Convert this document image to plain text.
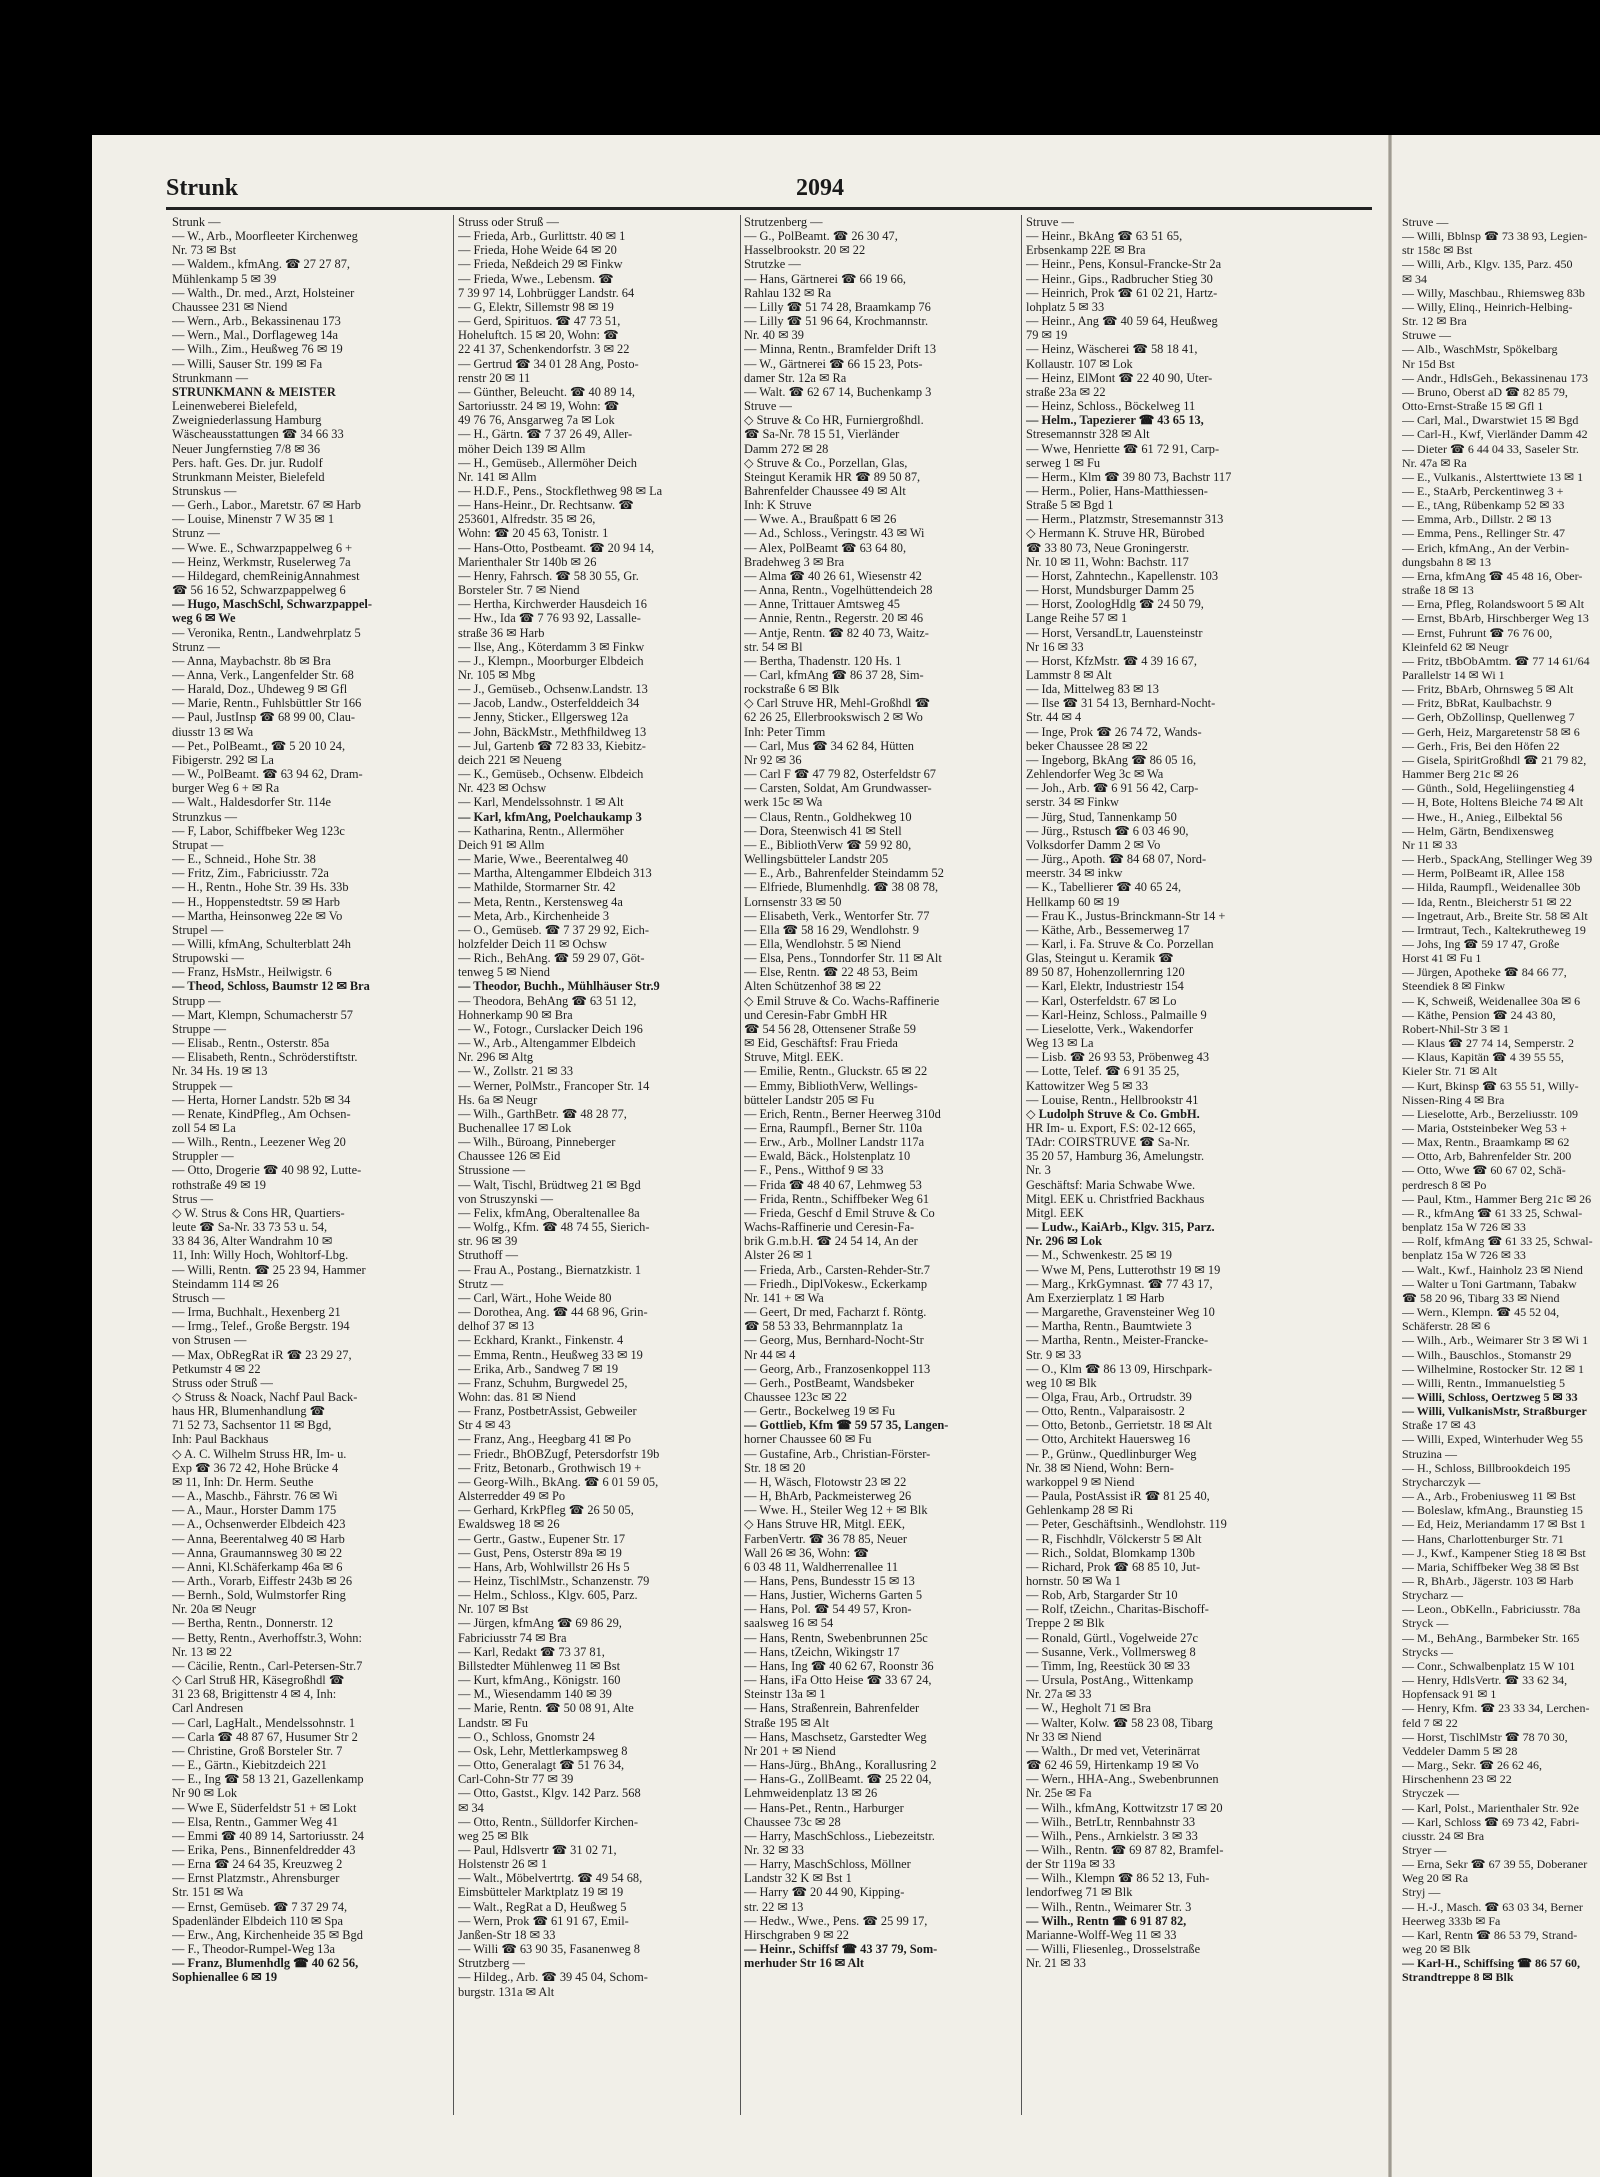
Strunk	2094
Strunk —
— W., Arb., Moorfleeter Kirchenweg
Nr. 73 ✉ Bst
— Waldem., kfmAng. ☎ 27 27 87,
Mühlenkamp 5 ✉ 39
— Walth., Dr. med., Arzt, Holsteiner
Chaussee 231 ✉ Niend
— Wern., Arb., Bekassinenau 173
— Wern., Mal., Dorflageweg 14a
— Wilh., Zim., Heußweg 76 ✉ 19
— Willi, Sauser Str. 199 ✉ Fa
Strunkmann —
STRUNKMANN & MEISTER
Leinenweberei Bielefeld,
Zweigniederlassung Hamburg
Wäscheausstattungen ☎ 34 66 33
Neuer Jungfernstieg 7/8 ✉ 36
Pers. haft. Ges. Dr. jur. Rudolf
Strunkmann Meister, Bielefeld
Strunskus —
— Gerh., Labor., Maretstr. 67 ✉ Harb
— Louise, Minenstr 7 W 35 ✉ 1
Strunz —
— Wwe. E., Schwarzpappelweg 6 +
— Heinz, Werkmstr, Ruselerweg 7a
— Hildegard, chemReinigAnnahmest
☎ 56 16 52, Schwarzpappelweg 6
— Hugo, MaschSchl, Schwarzpappel-
weg 6 ✉ We
— Veronika, Rentn., Landwehrplatz 5
Strunz —
— Anna, Maybachstr. 8b ✉ Bra
— Anna, Verk., Langenfelder Str. 68
— Harald, Doz., Uhdeweg 9 ✉ Gfl
— Marie, Rentn., Fuhlsbüttler Str 166
— Paul, JustInsp ☎ 68 99 00, Clau-
diusstr 13 ✉ Wa
— Pet., PolBeamt., ☎ 5 20 10 24,
Fibigerstr. 292 ✉ La
— W., PolBeamt. ☎ 63 94 62, Dram-
burger Weg 6 + ✉ Ra
— Walt., Haldesdorfer Str. 114e
Strunzkus —
— F, Labor, Schiffbeker Weg 123c
Strupat —
— E., Schneid., Hohe Str. 38
— Fritz, Zim., Fabriciusstr. 72a
— H., Rentn., Hohe Str. 39 Hs. 33b
— H., Hoppenstedtstr. 59 ✉ Harb
— Martha, Heinsonweg 22e ✉ Vo
Strupel —
— Willi, kfmAng, Schulterblatt 24h
Strupowski —
— Franz, HsMstr., Heilwigstr. 6
— Theod, Schloss, Baumstr 12 ✉ Bra
Strupp —
— Mart, Klempn, Schumacherstr 57
Struppe —
— Elisab., Rentn., Osterstr. 85a
— Elisabeth, Rentn., Schröderstiftstr.
Nr. 34 Hs. 19 ✉ 13
Struppek —
— Herta, Horner Landstr. 52b ✉ 34
— Renate, KindPfleg., Am Ochsen-
zoll 54 ✉ La
— Wilh., Rentn., Leezener Weg 20
Struppler —
— Otto, Drogerie ☎ 40 98 92, Lutte-
rothstraße 49 ✉ 19
Strus —
◇ W. Strus & Cons HR, Quartiers-
leute ☎ Sa-Nr. 33 73 53 u. 54,
33 84 36, Alter Wandrahm 10 ✉
11, Inh: Willy Hoch, Wohltorf-Lbg.
— Willi, Rentn. ☎ 25 23 94, Hammer
Steindamm 114 ✉ 26
Strusch —
— Irma, Buchhalt., Hexenberg 21
— Irmg., Telef., Große Bergstr. 194
von Strusen —
— Max, ObRegRat iR ☎ 23 29 27,
Petkumstr 4 ✉ 22
Struss oder Struß —
◇ Struss & Noack, Nachf Paul Back-
haus HR, Blumenhandlung ☎
71 52 73, Sachsentor 11 ✉ Bgd,
Inh: Paul Backhaus
◇ A. C. Wilhelm Struss HR, Im- u.
Exp ☎ 36 72 42, Hohe Brücke 4
✉ 11, Inh: Dr. Herm. Seuthe
— A., Maschb., Fährstr. 76 ✉ Wi
— A., Maur., Horster Damm 175
— A., Ochsenwerder Elbdeich 423
— Anna, Beerentalweg 40 ✉ Harb
— Anna, Graumannsweg 30 ✉ 22
— Anni, Kl.Schäferkamp 46a ✉ 6
— Arth., Vorarb, Eiffestr 243b ✉ 26
— Bernh., Sold, Wulmstorfer Ring
Nr. 20a ✉ Neugr
— Bertha, Rentn., Donnerstr. 12
— Betty, Rentn., Averhoffstr.3, Wohn:
Nr. 13 ✉ 22
— Cäcilie, Rentn., Carl-Petersen-Str.7
◇ Carl Struß HR, Käsegroßhdl ☎
31 23 68, Brigittenstr 4 ✉ 4, Inh:
Carl Andresen
— Carl, LagHalt., Mendelssohnstr. 1
— Carla ☎ 48 87 67, Husumer Str 2
— Christine, Groß Borsteler Str. 7
— E., Gärtn., Kiebitzdeich 221
— E., Ing ☎ 58 13 21, Gazellenkamp
Nr 90 ✉ Lok
— Wwe E, Süderfeldstr 51 + ✉ Lokt
— Elsa, Rentn., Gammer Weg 41
— Emmi ☎ 40 89 14, Sartoriusstr. 24
— Erika, Pens., Binnenfeldredder 43
— Erna ☎ 24 64 35, Kreuzweg 2
— Ernst Platzmstr., Ahrensburger
Str. 151 ✉ Wa
— Ernst, Gemüseb. ☎ 7 37 29 74,
Spadenländer Elbdeich 110 ✉ Spa
— Erw., Ang, Kirchenheide 35 ✉ Bgd
— F., Theodor-Rumpel-Weg 13a
— Franz, Blumenhdlg ☎ 40 62 56,
Sophienallee 6 ✉ 19
Struss oder Struß —
— Frieda, Arb., Gurlittstr. 40 ✉ 1
— Frieda, Hohe Weide 64 ✉ 20
— Frieda, Neßdeich 29 ✉ Finkw
— Frieda, Wwe., Lebensm. ☎
7 39 97 14, Lohbrügger Landstr. 64
— G, Elektr, Sillemstr 98 ✉ 19
— Gerd, Spirituos. ☎ 47 73 51,
Hoheluftch. 15 ✉ 20, Wohn: ☎
22 41 37, Schenkendorfstr. 3 ✉ 22
— Gertrud ☎ 34 01 28 Ang, Posto-
renstr 20 ✉ 11
— Günther, Beleucht. ☎ 40 89 14,
Sartoriusstr. 24 ✉ 19, Wohn: ☎
49 76 76, Ansgarweg 7a ✉ Lok
— H., Gärtn. ☎ 7 37 26 49, Aller-
möher Deich 139 ✉ Allm
— H., Gemüseb., Allermöher Deich
Nr. 141 ✉ Allm
— H.D.F., Pens., Stockflethweg 98 ✉ La
— Hans-Heinr., Dr. Rechtsanw. ☎
253601, Alfredstr. 35 ✉ 26,
Wohn: ☎ 20 45 63, Tonistr. 1
— Hans-Otto, Postbeamt. ☎ 20 94 14,
Marienthaler Str 140b ✉ 26
— Henry, Fahrsch. ☎ 58 30 55, Gr.
Borsteler Str. 7 ✉ Niend
— Hertha, Kirchwerder Hausdeich 16
— Hw., Ida ☎ 7 76 93 92, Lassalle-
straße 36 ✉ Harb
— Ilse, Ang., Köterdamm 3 ✉ Finkw
— J., Klempn., Moorburger Elbdeich
Nr. 105 ✉ Mbg
— J., Gemüseb., Ochsenw.Landstr. 13
— Jacob, Landw., Osterfelddeich 34
— Jenny, Sticker., Ellgersweg 12a
— John, BäckMstr., Methfhildweg 13
— Jul, Gartenb ☎ 72 83 33, Kiebitz-
deich 221 ✉ Neueng
— K., Gemüseb., Ochsenw. Elbdeich
Nr. 423 ✉ Ochsw
— Karl, Mendelssohnstr. 1 ✉ Alt
— Karl, kfmAng, Poelchaukamp 3
— Katharina, Rentn., Allermöher
Deich 91 ✉ Allm
— Marie, Wwe., Beerentalweg 40
— Martha, Altengammer Elbdeich 313
— Mathilde, Stormarner Str. 42
— Meta, Rentn., Kerstensweg 4a
— Meta, Arb., Kirchenheide 3
— O., Gemüseb. ☎ 7 37 29 92, Eich-
holzfelder Deich 11 ✉ Ochsw
— Rich., BehAng. ☎ 59 29 07, Göt-
tenweg 5 ✉ Niend
— Theodor, Buchh., Mühlhäuser Str.9
— Theodora, BehAng ☎ 63 51 12,
Hohnerkamp 90 ✉ Bra
— W., Fotogr., Curslacker Deich 196
— W., Arb., Altengammer Elbdeich
Nr. 296 ✉ Altg
— W., Zollstr. 21 ✉ 33
— Werner, PolMstr., Francoper Str. 14
Hs. 6a ✉ Neugr
— Wilh., GarthBetr. ☎ 48 28 77,
Buchenallee 17 ✉ Lok
— Wilh., Büroang, Pinneberger
Chaussee 126 ✉ Eid
Strussione —
— Walt, Tischl, Brüdtweg 21 ✉ Bgd
von Struszynski —
— Felix, kfmAng, Oberaltenallee 8a
— Wolfg., Kfm. ☎ 48 74 55, Sierich-
str. 96 ✉ 39
Struthoff —
— Frau A., Postang., Biernatzkistr. 1
Strutz —
— Carl, Wärt., Hohe Weide 80
— Dorothea, Ang. ☎ 44 68 96, Grin-
delhof 37 ✉ 13
— Eckhard, Krankt., Finkenstr. 4
— Emma, Rentn., Heußweg 33 ✉ 19
— Erika, Arb., Sandweg 7 ✉ 19
— Franz, Schuhm, Burgwedel 25,
Wohn: das. 81 ✉ Niend
— Franz, PostbetrAssist, Gebweiler
Str 4 ✉ 43
— Franz, Ang., Heegbarg 41 ✉ Po
— Friedr., BhOBZugf, Petersdorfstr 19b
— Fritz, Betonarb., Grothwisch 19 +
— Georg-Wilh., BkAng. ☎ 6 01 59 05,
Alsterredder 49 ✉ Po
— Gerhard, KrkPfleg ☎ 26 50 05,
Ewaldsweg 18 ✉ 26
— Gertr., Gastw., Eupener Str. 17
— Gust, Pens, Osterstr 89a ✉ 19
— Hans, Arb, Wohlwillstr 26 Hs 5
— Heinz, TischlMstr., Schanzenstr. 79
— Helm., Schloss., Klgv. 605, Parz.
Nr. 107 ✉ Bst
— Jürgen, kfmAng ☎ 69 86 29,
Fabriciusstr 74 ✉ Bra
— Karl, Redakt ☎ 73 37 81,
Billstedter Mühlenweg 11 ✉ Bst
— Kurt, kfmAng., Königstr. 160
— M., Wiesendamm 140 ✉ 39
— Marie, Rentn. ☎ 50 08 91, Alte
Landstr. ✉ Fu
— O., Schloss, Gnomstr 24
— Osk, Lehr, Mettlerkampsweg 8
— Otto, Generalagt ☎ 51 76 34,
Carl-Cohn-Str 77 ✉ 39
— Otto, Gastst., Klgv. 142 Parz. 568
✉ 34
— Otto, Rentn., Sülldorfer Kirchen-
weg 25 ✉ Blk
— Paul, Hdlsvertr ☎ 31 02 71,
Holstenstr 26 ✉ 1
— Walt., Möbelvertrtg. ☎ 49 54 68,
Eimsbütteler Marktplatz 19 ✉ 19
— Walt., RegRat a D, Heußweg 5
— Wern, Prok ☎ 61 91 67, Emil-
Janßen-Str 18 ✉ 33
— Willi ☎ 63 90 35, Fasanenweg 8
Strutzberg —
— Hildeg., Arb. ☎ 39 45 04, Schom-
burgstr. 131a ✉ Alt
Strutzenberg —
— G., PolBeamt. ☎ 26 30 47,
Hasselbrookstr. 20 ✉ 22
Strutzke —
— Hans, Gärtnerei ☎ 66 19 66,
Rahlau 132 ✉ Ra
— Lilly ☎ 51 74 28, Braamkamp 76
— Lilly ☎ 51 96 64, Krochmannstr.
Nr. 40 ✉ 39
— Minna, Rentn., Bramfelder Drift 13
— W., Gärtnerei ☎ 66 15 23, Pots-
damer Str. 12a ✉ Ra
— Walt. ☎ 62 67 14, Buchenkamp 3
Struve —
◇ Struve & Co HR, Furniergroßhdl.
☎ Sa-Nr. 78 15 51, Vierländer
Damm 272 ✉ 28
◇ Struve & Co., Porzellan, Glas,
Steingut Keramik HR ☎ 89 50 87,
Bahrenfelder Chaussee 49 ✉ Alt
Inh: K Struve
— Wwe. A., Braußpatt 6 ✉ 26
— Ad., Schloss., Veringstr. 43 ✉ Wi
— Alex, PolBeamt ☎ 63 64 80,
Bradehweg 3 ✉ Bra
— Alma ☎ 40 26 61, Wiesenstr 42
— Anna, Rentn., Vogelhüttendeich 28
— Anne, Trittauer Amtsweg 45
— Annie, Rentn., Regerstr. 20 ✉ 46
— Antje, Rentn. ☎ 82 40 73, Waitz-
str. 54 ✉ Bl
— Bertha, Thadenstr. 120 Hs. 1
— Carl, kfmAng ☎ 86 37 28, Sim-
rockstraße 6 ✉ Blk
◇ Carl Struve HR, Mehl-Großhdl ☎
62 26 25, Ellerbrookswisch 2 ✉ Wo
Inh: Peter Timm
— Carl, Mus ☎ 34 62 84, Hütten
Nr 92 ✉ 36
— Carl F ☎ 47 79 82, Osterfeldstr 67
— Carsten, Soldat, Am Grundwasser-
werk 15c ✉ Wa
— Claus, Rentn., Goldhekweg 10
— Dora, Steenwisch 41 ✉ Stell
— E., BibliothVerw ☎ 59 92 80,
Wellingsbütteler Landstr 205
— E., Arb., Bahrenfelder Steindamm 52
— Elfriede, Blumenhdlg. ☎ 38 08 78,
Lornsenstr 33 ✉ 50
— Elisabeth, Verk., Wentorfer Str. 77
— Ella ☎ 58 16 29, Wendlohstr. 9
— Ella, Wendlohstr. 5 ✉ Niend
— Elsa, Pens., Tonndorfer Str. 11 ✉ Alt
— Else, Rentn. ☎ 22 48 53, Beim
Alten Schützenhof 38 ✉ 22
◇ Emil Struve & Co. Wachs-Raffinerie
und Ceresin-Fabr GmbH HR
☎ 54 56 28, Ottensener Straße 59
✉ Eid, Geschäftsf: Frau Frieda
Struve, Mitgl. EEK.
— Emilie, Rentn., Gluckstr. 65 ✉ 22
— Emmy, BibliothVerw, Wellings-
bütteler Landstr 205 ✉ Fu
— Erich, Rentn., Berner Heerweg 310d
— Erna, Raumpfl., Berner Str. 110a
— Erw., Arb., Mollner Landstr 117a
— Ewald, Bäck., Holstenplatz 10
— F., Pens., Witthof 9 ✉ 33
— Frida ☎ 48 40 67, Lehmweg 53
— Frida, Rentn., Schiffbeker Weg 61
— Frieda, Geschf d Emil Struve & Co
Wachs-Raffinerie und Ceresin-Fa-
brik G.m.b.H. ☎ 24 54 14, An der
Alster 26 ✉ 1
— Frieda, Arb., Carsten-Rehder-Str.7
— Friedh., DiplVokesw., Eckerkamp
Nr. 141 + ✉ Wa
— Geert, Dr med, Facharzt f. Röntg.
☎ 58 53 33, Behrmannplatz 1a
— Georg, Mus, Bernhard-Nocht-Str
Nr 44 ✉ 4
— Georg, Arb., Franzosenkoppel 113
— Gerh., PostBeamt, Wandsbeker
Chaussee 123c ✉ 22
— Gertr., Bockelweg 19 ✉ Fu
— Gottlieb, Kfm ☎ 59 57 35, Langen-
horner Chaussee 60 ✉ Fu
— Gustafine, Arb., Christian-Förster-
Str. 18 ✉ 20
— H, Wäsch, Flotowstr 23 ✉ 22
— H, BhArb, Packmeisterweg 26
— Wwe. H., Steiler Weg 12 + ✉ Blk
◇ Hans Struve HR, Mitgl. EEK,
FarbenVertr. ☎ 36 78 85, Neuer
Wall 26 ✉ 36, Wohn: ☎
6 03 48 11, Waldherrenallee 11
— Hans, Pens, Bundesstr 15 ✉ 13
— Hans, Justier, Wicherns Garten 5
— Hans, Pol. ☎ 54 49 57, Kron-
saalsweg 16 ✉ 54
— Hans, Rentn, Swebenbrunnen 25c
— Hans, tZeichn, Wikingstr 17
— Hans, Ing ☎ 40 62 67, Roonstr 36
— Hans, iFa Otto Heise ☎ 33 67 24,
Steinstr 13a ✉ 1
— Hans, Straßenrein, Bahrenfelder
Straße 195 ✉ Alt
— Hans, Maschsetz, Garstedter Weg
Nr 201 + ✉ Niend
— Hans-Jürg., BhAng., Korallusring 2
— Hans-G., ZollBeamt. ☎ 25 22 04,
Lehmweidenplatz 13 ✉ 26
— Hans-Pet., Rentn., Harburger
Chaussee 73c ✉ 28
— Harry, MaschSchloss., Liebezeitstr.
Nr. 32 ✉ 33
— Harry, MaschSchloss, Möllner
Landstr 32 K ✉ Bst 1
— Harry ☎ 20 44 90, Kipping-
str. 22 ✉ 13
— Hedw., Wwe., Pens. ☎ 25 99 17,
Hirschgraben 9 ✉ 22
— Heinr., Schiffsf ☎ 43 37 79, Som-
merhuder Str 16 ✉ Alt
Struve —
— Heinr., BkAng ☎ 63 51 65,
Erbsenkamp 22E ✉ Bra
— Heinr., Pens, Konsul-Francke-Str 2a
— Heinr., Gips., Radbrucher Stieg 30
— Heinrich, Prok ☎ 61 02 21, Hartz-
lohplatz 5 ✉ 33
— Heinr., Ang ☎ 40 59 64, Heußweg
79 ✉ 19
— Heinz, Wäscherei ☎ 58 18 41,
Kollaustr. 107 ✉ Lok
— Heinz, ElMont ☎ 22 40 90, Uter-
straße 23a ✉ 22
— Heinz, Schloss., Böckelweg 11
— Helm., Tapezierer ☎ 43 65 13,
Stresemannstr 328 ✉ Alt
— Wwe, Henriette ☎ 61 72 91, Carp-
serweg 1 ✉ Fu
— Herm., Klm ☎ 39 80 73, Bachstr 117
— Herm., Polier, Hans-Matthiessen-
Straße 5 ✉ Bgd 1
— Herm., Platzmstr, Stresemannstr 313
◇ Hermann K. Struve HR, Bürobed
☎ 33 80 73, Neue Groningerstr.
Nr. 10 ✉ 11, Wohn: Bachstr. 117
— Horst, Zahntechn., Kapellenstr. 103
— Horst, Mundsburger Damm 25
— Horst, ZoologHdlg ☎ 24 50 79,
Lange Reihe 57 ✉ 1
— Horst, VersandLtr, Lauensteinstr
Nr 16 ✉ 33
— Horst, KfzMstr. ☎ 4 39 16 67,
Lammstr 8 ✉ Alt
— Ida, Mittelweg 83 ✉ 13
— Ilse ☎ 31 54 13, Bernhard-Nocht-
Str. 44 ✉ 4
— Inge, Prok ☎ 26 74 72, Wands-
beker Chaussee 28 ✉ 22
— Ingeborg, BkAng ☎ 86 05 16,
Zehlendorfer Weg 3c ✉ Wa
— Joh., Arb. ☎ 6 91 56 42, Carp-
serstr. 34 ✉ Finkw
— Jürg, Stud, Tannenkamp 50
— Jürg., Rstusch ☎ 6 03 46 90,
Volksdorfer Damm 2 ✉ Vo
— Jürg., Apoth. ☎ 84 68 07, Nord-
meerstr. 34 ✉ inkw
— K., Tabellierer ☎ 40 65 24,
Hellkamp 60 ✉ 19
— Frau K., Justus-Brinckmann-Str 14 +
— Käthe, Arb., Bessemerweg 17
— Karl, i. Fa. Struve & Co. Porzellan
Glas, Steingut u. Keramik ☎
89 50 87, Hohenzollernring 120
— Karl, Elektr, Industriestr 154
— Karl, Osterfeldstr. 67 ✉ Lo
— Karl-Heinz, Schloss., Palmaille 9
— Lieselotte, Verk., Wakendorfer
Weg 13 ✉ La
— Lisb. ☎ 26 93 53, Pröbenweg 43
— Lotte, Telef. ☎ 6 91 35 25,
Kattowitzer Weg 5 ✉ 33
— Louise, Rentn., Hellbrookstr 41
◇ Ludolph Struve & Co. GmbH.
HR Im- u. Export, F.S: 02-12 665,
TAdr: COIRSTRUVE ☎ Sa-Nr.
35 20 57, Hamburg 36, Amelungstr.
Nr. 3
Geschäftsf: Maria Schwabe Wwe.
Mitgl. EEK u. Christfried Backhaus
Mitgl. EEK
— Ludw., KaiArb., Klgv. 315, Parz.
Nr. 296 ✉ Lok
— M., Schwenkestr. 25 ✉ 19
— Wwe M, Pens, Lutterothstr 19 ✉ 19
— Marg., KrkGymnast. ☎ 77 43 17,
Am Exerzierplatz 1 ✉ Harb
— Margarethe, Gravensteiner Weg 10
— Martha, Rentn., Baumtwiete 3
— Martha, Rentn., Meister-Francke-
Str. 9 ✉ 33
— O., Klm ☎ 86 13 09, Hirschpark-
weg 10 ✉ Blk
— Olga, Frau, Arb., Ortrudstr. 39
— Otto, Rentn., Valparaisostr. 2
— Otto, Betonb., Gerrietstr. 18 ✉ Alt
— Otto, Architekt Hauersweg 16
— P., Grünw., Quedlinburger Weg
Nr. 38 ✉ Niend, Wohn: Bern-
warkoppel 9 ✉ Niend
— Paula, PostAssist iR ☎ 81 25 40,
Gehlenkamp 28 ✉ Ri
— Peter, Geschäftsinh., Wendlohstr. 119
— R, Fischhdlr, Völckerstr 5 ✉ Alt
— Rich., Soldat, Blomkamp 130b
— Richard, Prok ☎ 68 85 10, Jut-
hornstr. 50 ✉ Wa 1
— Rob, Arb, Stargarder Str 10
— Rolf, tZeichn., Charitas-Bischoff-
Treppe 2 ✉ Blk
— Ronald, Gürtl., Vogelweide 27c
— Susanne, Verk., Vollmersweg 8
— Timm, Ing, Reestück 30 ✉ 33
— Ursula, PostAng., Wittenkamp
Nr. 27a ✉ 33
— W., Hegholt 71 ✉ Bra
— Walter, Kolw. ☎ 58 23 08, Tibarg
Nr 33 ✉ Niend
— Walth., Dr med vet, Veterinärrat
☎ 62 46 59, Hirtenkamp 19 ✉ Vo
— Wern., HHA-Ang., Swebenbrunnen
Nr. 25e ✉ Fa
— Wilh., kfmAng, Kottwitzstr 17 ✉ 20
— Wilh., BetrLtr, Rennbahnstr 33
— Wilh., Pens., Arnkielstr. 3 ✉ 33
— Wilh., Rentn. ☎ 69 87 82, Bramfel-
der Str 119a ✉ 33
— Wilh., Klempn ☎ 86 52 13, Fuh-
lendorfweg 71 ✉ Blk
— Wilh., Rentn., Weimarer Str. 3
— Wilh., Rentn ☎ 6 91 87 82,
Marianne-Wolff-Weg 11 ✉ 33
— Willi, Fliesenleg., Drosselstraße
Nr. 21 ✉ 33
Struve —
— Willi, Bblnsp ☎ 73 38 93, Legien-
str 158c ✉ Bst
— Willi, Arb., Klgv. 135, Parz. 450
✉ 34
— Willy, Maschbau., Rhiemsweg 83b
— Willy, Elinq., Heinrich-Helbing-
Str. 12 ✉ Bra
Struwe —
— Alb., WaschMstr, Spökelbarg
Nr 15d Bst
— Andr., HdlsGeh., Bekassinenau 173
— Bruno, Oberst aD ☎ 82 85 79,
Otto-Ernst-Straße 15 ✉ Gfl 1
— Carl, Mal., Dwarstwiet 15 ✉ Bgd
— Carl-H., Kwf, Vierländer Damm 42
— Dieter ☎ 6 44 04 33, Saseler Str.
Nr. 47a ✉ Ra
— E., Vulkanis., Alsterttwiete 13 ✉ 1
— E., StaArb, Perckentinweg 3 +
— E., tAng, Rübenkamp 52 ✉ 33
— Emma, Arb., Dillstr. 2 ✉ 13
— Emma, Pens., Rellinger Str. 47
— Erich, kfmAng., An der Verbin-
dungsbahn 8 ✉ 13
— Erna, kfmAng ☎ 45 48 16, Ober-
straße 18 ✉ 13
— Erna, Pfleg, Rolandswoort 5 ✉ Alt
— Ernst, BbArb, Hirschberger Weg 13
— Ernst, Fuhrunt ☎ 76 76 00,
Kleinfeld 62 ✉ Neugr
— Fritz, tBbObAmtm. ☎ 77 14 61/64
Parallelstr 14 ✉ Wi 1
— Fritz, BbArb, Ohrnsweg 5 ✉ Alt
— Fritz, BbRat, Kaulbachstr. 9
— Gerh, ObZollinsp, Quellenweg 7
— Gerh, Heiz, Margaretenstr 58 ✉ 6
— Gerh., Fris, Bei den Höfen 22
— Gisela, SpiritGroßhdl ☎ 21 79 82,
Hammer Berg 21c ✉ 26
— Günth., Sold, Hegeliingenstieg 4
— H, Bote, Holtens Bleiche 74 ✉ Alt
— Hwe., H., Anieg., Eilbektal 56
— Helm, Gärtn, Bendixensweg
Nr 11 ✉ 33
— Herb., SpackAng, Stellinger Weg 39
— Herm, PolBeamt iR, Allee 158
— Hilda, Raumpfl., Weidenallee 30b
— Ida, Rentn., Bleicherstr 51 ✉ 22
— Ingetraut, Arb., Breite Str. 58 ✉ Alt
— Irmtraut, Tech., Kaltekrutheweg 19
— Johs, Ing ☎ 59 17 47, Große
Horst 41 ✉ Fu 1
— Jürgen, Apotheke ☎ 84 66 77,
Steendiek 8 ✉ Finkw
— K, Schweiß, Weidenallee 30a ✉ 6
— Käthe, Pension ☎ 24 43 80,
Robert-Nhil-Str 3 ✉ 1
— Klaus ☎ 27 74 14, Semperstr. 2
— Klaus, Kapitän ☎ 4 39 55 55,
Kieler Str. 71 ✉ Alt
— Kurt, Bkinsp ☎ 63 55 51, Willy-
Nissen-Ring 4 ✉ Bra
— Lieselotte, Arb., Berzeliusstr. 109
— Maria, Oststeinbeker Weg 53 +
— Max, Rentn., Braamkamp ✉ 62
— Otto, Arb, Bahrenfelder Str. 200
— Otto, Wwe ☎ 60 67 02, Schä-
perdresch 8 ✉ Po
— Paul, Ktm., Hammer Berg 21c ✉ 26
— R., kfmAng ☎ 61 33 25, Schwal-
benplatz 15a W 726 ✉ 33
— Rolf, kfmAng ☎ 61 33 25, Schwal-
benplatz 15a W 726 ✉ 33
— Walt., Kwf., Hainholz 23 ✉ Niend
— Walter u Toni Gartmann, Tabakw
☎ 58 20 96, Tibarg 33 ✉ Niend
— Wern., Klempn. ☎ 45 52 04,
Schäferstr. 28 ✉ 6
— Wilh., Arb., Weimarer Str 3 ✉ Wi 1
— Wilh., Bauschlos., Stomanstr 29
— Wilhelmine, Rostocker Str. 12 ✉ 1
— Willi, Rentn., Immanuelstieg 5
— Willi, Schloss, Oertzweg 5 ✉ 33
— Willi, VulkanisMstr, Straßburger
Straße 17 ✉ 43
— Willi, Exped, Winterhuder Weg 55
Struzina —
— H., Schloss, Billbrookdeich 195
Strycharczyk —
— A., Arb., Frobeniusweg 11 ✉ Bst
— Boleslaw, kfmAng., Braunstieg 15
— Ed, Heiz, Meriandamm 17 ✉ Bst 1
— Hans, Charlottenburger Str. 71
— J., Kwf., Kampener Stieg 18 ✉ Bst
— Maria, Schiffbeker Weg 38 ✉ Bst
— R, BhArb., Jägerstr. 103 ✉ Harb
Strycharz —
— Leon., ObKelln., Fabriciusstr. 78a
Stryck —
— M., BehAng., Barmbeker Str. 165
Strycks —
— Conr., Schwalbenplatz 15 W 101
— Henry, HdlsVertr. ☎ 33 62 34,
Hopfensack 91 ✉ 1
— Henry, Kfm. ☎ 23 33 34, Lerchen-
feld 7 ✉ 22
— Horst, TischlMstr ☎ 78 70 30,
Veddeler Damm 5 ✉ 28
— Marg., Sekr. ☎ 26 62 46,
Hirschenhenn 23 ✉ 22
Stryczek —
— Karl, Polst., Marienthaler Str. 92e
— Karl, Schloss ☎ 69 73 42, Fabri-
ciusstr. 24 ✉ Bra
Stryer —
— Erna, Sekr ☎ 67 39 55, Doberaner
Weg 20 ✉ Ra
Stryj —
— H.-J., Masch. ☎ 63 03 34, Berner
Heerweg 333b ✉ Fa
— Karl, Rentn ☎ 86 53 79, Strand-
weg 20 ✉ Blk
— Karl-H., Schiffsing ☎ 86 57 60,
Strandtreppe 8 ✉ Blk
